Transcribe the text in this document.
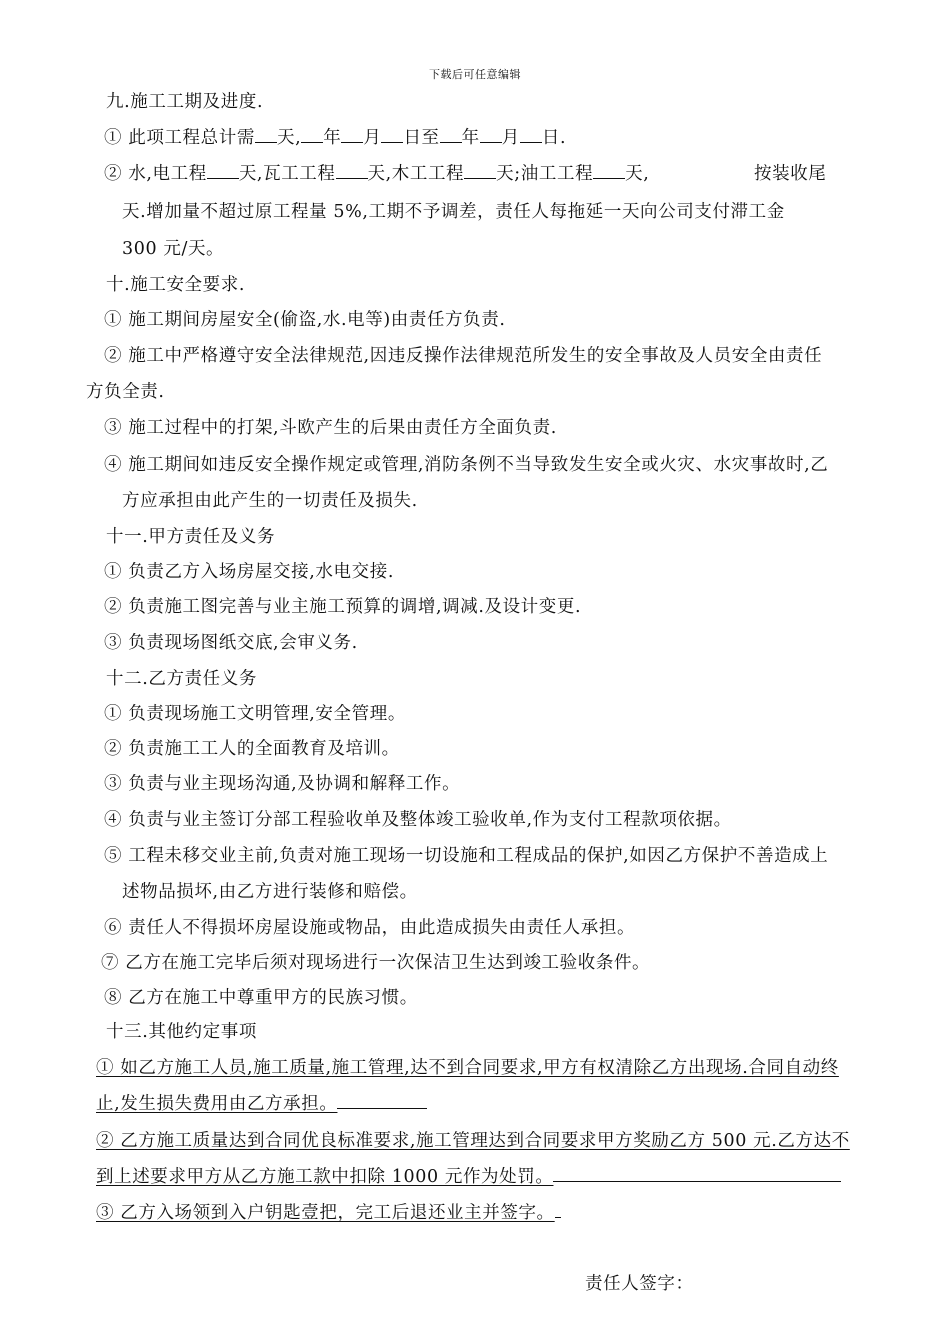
下载后可任意编辑
九.施工工期及进度.
① 此项工程总计需 天, 年 月 日至 年 月 日.
② 水,电工程 天,瓦工工程 天,木工工程 天;油工工程 天,	按装收尾
天.增加量不超过原工程量 5%,工期不予调差，责任人每拖延一天向公司支付滞工金
300 元/天。
十.施工安全要求.
① 施工期间房屋安全(偷盗,水.电等)由责任方负责.
② 施工中严格遵守安全法律规范,因违反操作法律规范所发生的安全事故及人员安全由责任
方负全责.
③ 施工过程中的打架,斗欧产生的后果由责任方全面负责.
④ 施工期间如违反安全操作规定或管理,消防条例不当导致发生安全或火灾、水灾事故时,乙
方应承担由此产生的一切责任及损失.
十一.甲方责任及义务
① 负责乙方入场房屋交接,水电交接.
② 负责施工图完善与业主施工预算的调增,调减.及设计变更.
③ 负责现场图纸交底,会审义务.
十二.乙方责任义务
① 负责现场施工文明管理,安全管理。
② 负责施工工人的全面教育及培训。
③ 负责与业主现场沟通,及协调和解释工作。
④ 负责与业主签订分部工程验收单及整体竣工验收单,作为支付工程款项依据。
⑤ 工程未移交业主前,负责对施工现场一切设施和工程成品的保护,如因乙方保护不善造成上
述物品损坏,由乙方进行装修和赔偿。
⑥ 责任人不得损坏房屋设施或物品，由此造成损失由责任人承担。
⑦ 乙方在施工完毕后须对现场进行一次保洁卫生达到竣工验收条件。
⑧ 乙方在施工中尊重甲方的民族习惯。
十三.其他约定事项
① 如乙方施工人员,施工质量,施工管理,达不到合同要求,甲方有权清除乙方出现场.合同自动终
止,发生损失费用由乙方承担。
② 乙方施工质量达到合同优良标准要求,施工管理达到合同要求甲方奖励乙方 500 元.乙方达不
到上述要求甲方从乙方施工款中扣除 1000 元作为处罚。
③ 乙方入场领到入户钥匙壹把，完工后退还业主并签字。
责任人签字：
